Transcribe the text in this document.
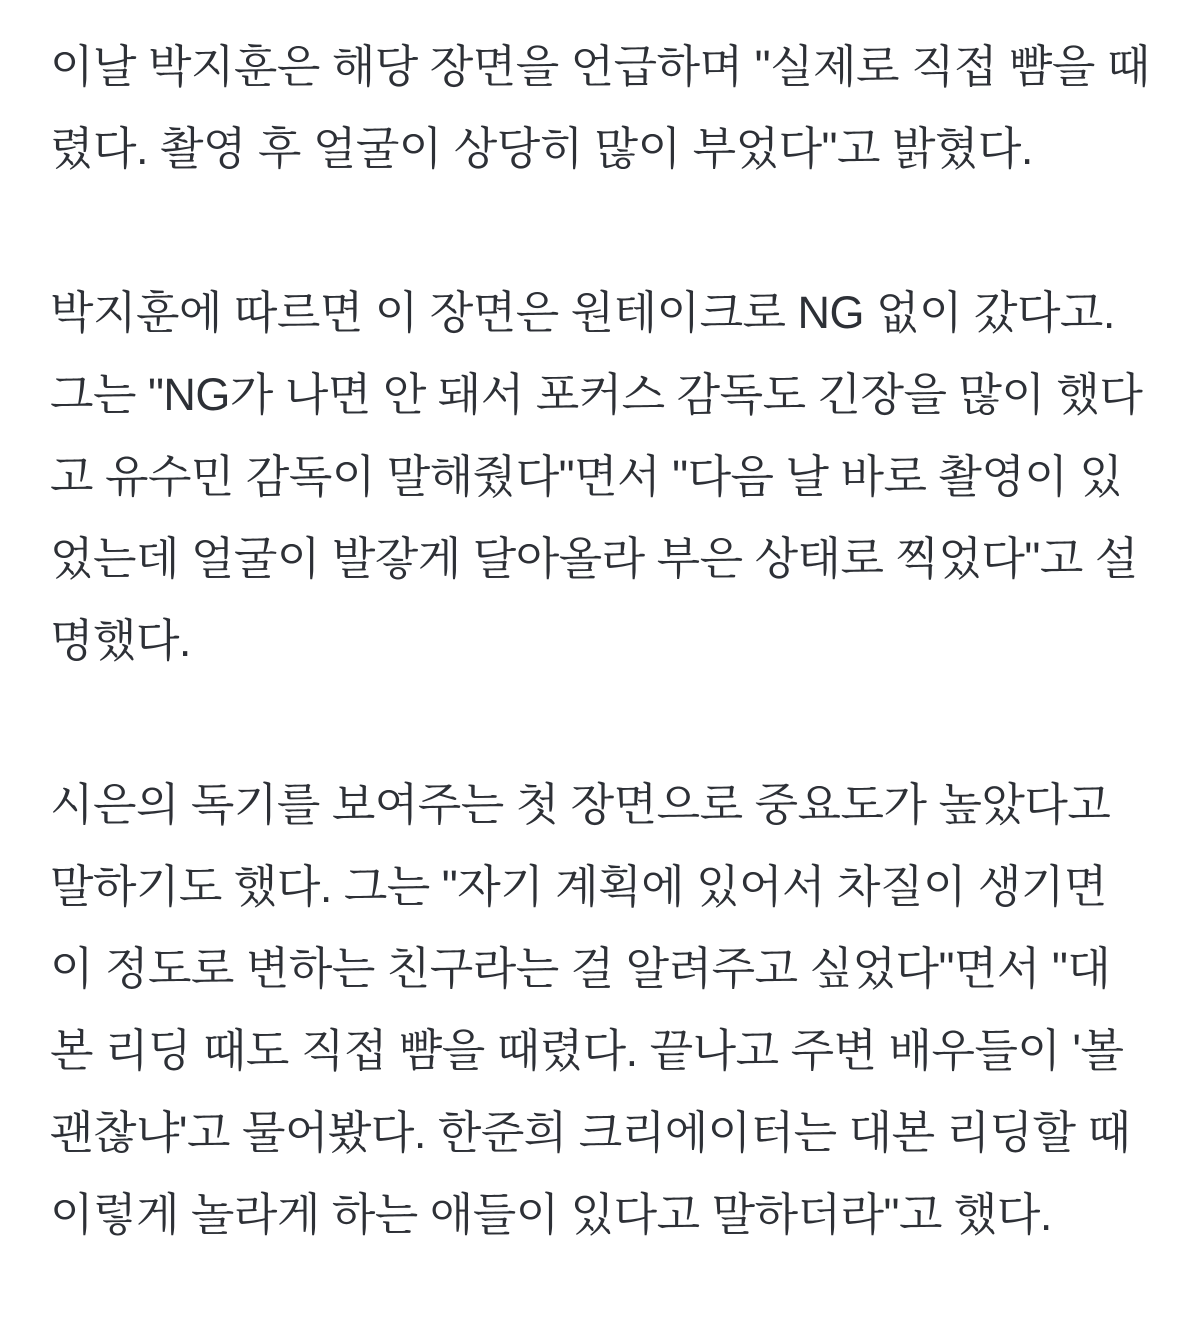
이날 박지훈은 해당 장면을 언급하며 "실제로 직접 뺨을 때렸다. 촬영 후 얼굴이 상당히 많이 부었다"고 밝혔다.

박지훈에 따르면 이 장면은 원테이크로 NG 없이 갔다고. 그는 "NG가 나면 안 돼서 포커스 감독도 긴장을 많이 했다고 유수민 감독이 말해줬다"면서 "다음 날 바로 촬영이 있었는데 얼굴이 발갛게 달아올라 부은 상태로 찍었다"고 설명했다.

시은의 독기를 보여주는 첫 장면으로 중요도가 높았다고 말하기도 했다. 그는 "자기 계획에 있어서 차질이 생기면 이 정도로 변하는 친구라는 걸 알려주고 싶었다"면서 "대본 리딩 때도 직접 뺨을 때렸다. 끝나고 주변 배우들이 '볼 괜찮냐'고 물어봤다. 한준희 크리에이터는 대본 리딩할 때 이렇게 놀라게 하는 애들이 있다고 말하더라"고 했다.
